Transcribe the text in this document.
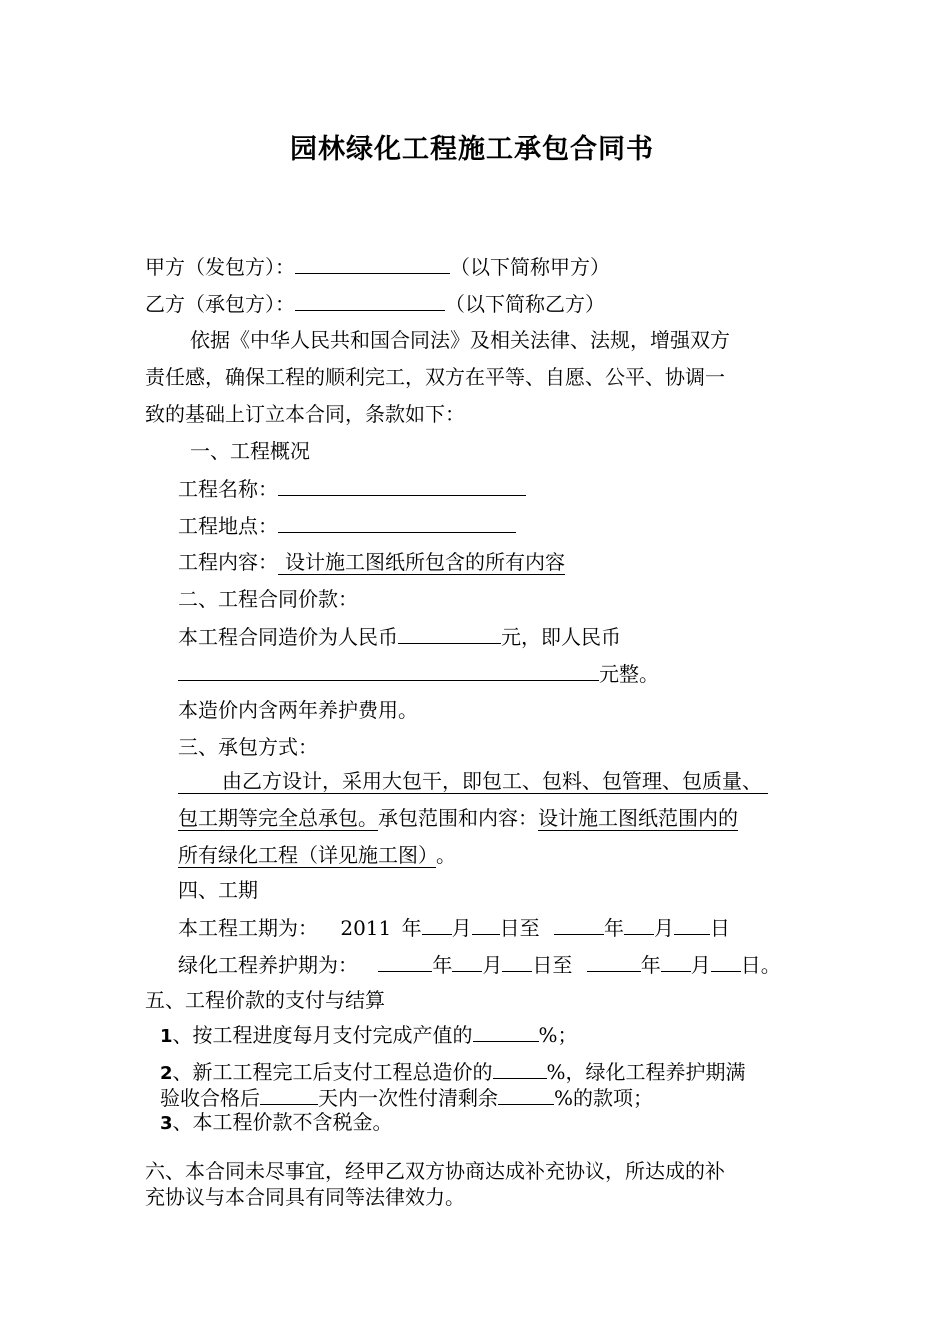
园林绿化工程施工承包合同书
甲方（发包方）：	（以下简称甲方）
乙方（承包方）：	（以下简称乙方）
依据《中华人民共和国合同法》及相关法律、法规，增强双方
责任感，确保工程的顺利完工，双方在平等、自愿、公平、协调一
致的基础上订立本合同，条款如下：
一、工程概况
工程名称：
工程地点：
工程内容： 设计施工图纸所包含的所有内容
二、工程合同价款：
本工程合同造价为人民币	元，即人民币
元整。
本造价内含两年养护费用。
三、承包方式：
由乙方设计，采用大包干，即包工、包料、包管理、包质量、
包工期等完全总承包。承包范围和内容：设计施工图纸范围内的
所有绿化工程（详见施工图） 。
四、工期
本工程工期为： 2011 年 月 日至	年 月 日
绿化工程养护期为：	年 月 日至	年 月 日。
五、工程价款的支付与结算
1、按工程进度每月支付完成产值的	%；
2、新工工程完工后支付工程总造价的	%，绿化工程养护期满
验收合格后	天内一次性付清剩余	%的款项；
3、本工程价款不含税金。
六、本合同未尽事宜，经甲乙双方协商达成补充协议，所达成的补
充协议与本合同具有同等法律效力。
